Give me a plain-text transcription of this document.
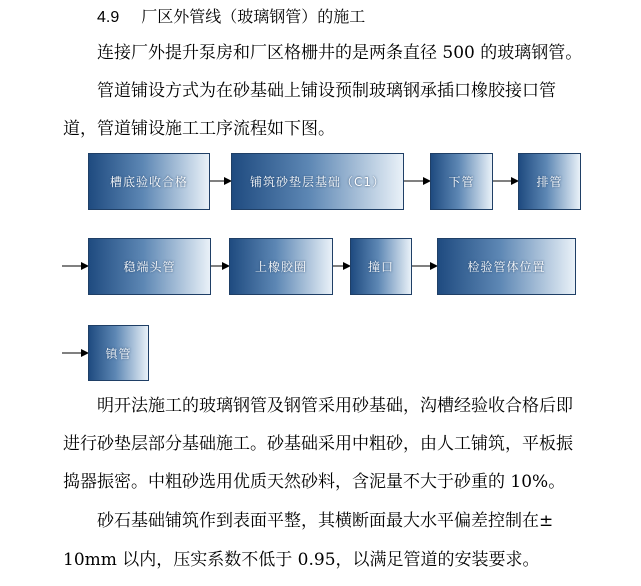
4.9 厂区外管线（玻璃钢管）的施工
连接厂外提升泵房和厂区格栅井的是两条直径 500 的玻璃钢管。
管道铺设方式为在砂基础上铺设预制玻璃钢承插口橡胶接口管
道，管道铺设施工工序流程如下图。
槽底验收合格	铺筑砂垫层基础（C1）	下管	排管
稳端头管	上橡胶圈	撞口	检验管体位置
镇管
明开法施工的玻璃钢管及钢管采用砂基础，沟槽经验收合格后即
进行砂垫层部分基础施工。砂基础采用中粗砂，由人工铺筑，平板振
捣器振密。中粗砂选用优质天然砂料，含泥量不大于砂重的 10%。
砂石基础铺筑作到表面平整，其横断面最大水平偏差控制在±
10mm 以内，压实系数不低于 0.95，以满足管道的安装要求。
